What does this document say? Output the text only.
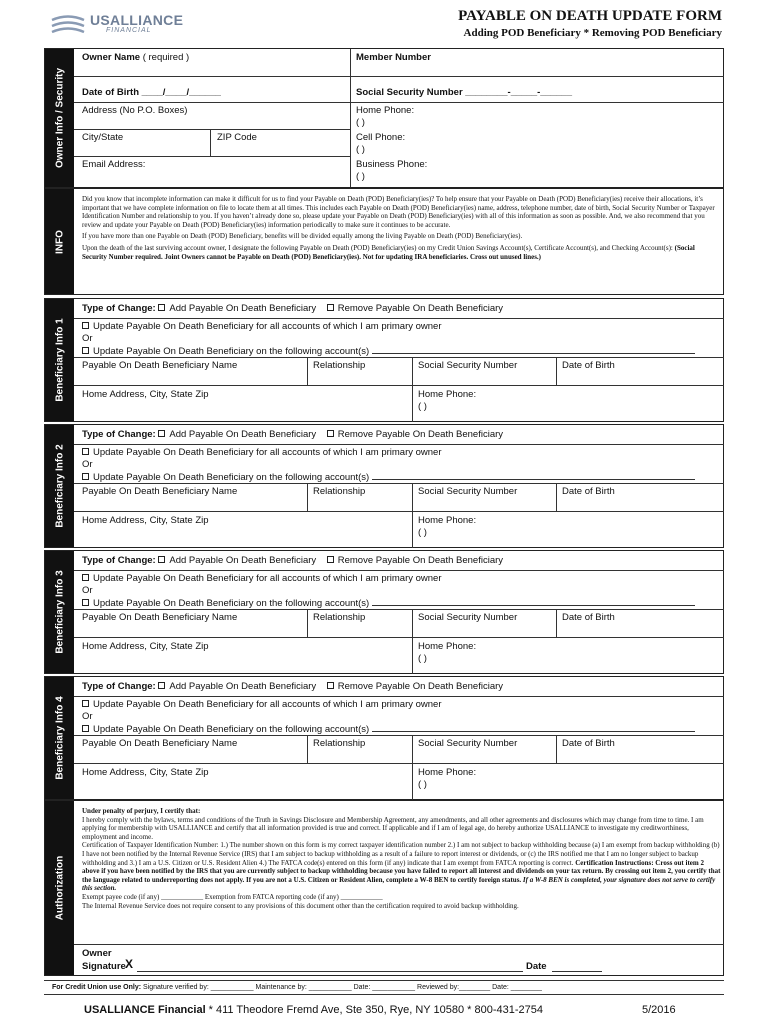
USALLIANCE
FINANCIAL
PAYABLE ON DEATH UPDATE FORM
Adding POD Beneficiary * Removing POD Beneficiary
Owner Info / Security
Owner Name ( required )	Member Number
Date of Birth ____/____/______	Social Security Number ________-_____-______
Address (No P.O. Boxes)	Home Phone:
( )
City/State	ZIP Code	Cell Phone:
( )
Email Address:	Business Phone:
( )
INFO

Did you know that incomplete information can make it difficult for us to find your Payable on Death (POD) Beneficiary(ies)? To help ensure that your Payable on Death (POD) Beneficiary(ies) receive their allocations, it’s important that we have complete information on file to locate them at all times. This includes each Payable on Death (POD) Beneficiary(ies) name, address, telephone number, date of birth, Social Security Number or Taxpayer Identification Number and relationship to you. If you haven’t already done so, please update your Payable on Death (POD) Beneficiary(ies) with all of this information as soon as possible. And, we also recommend that you review and update your Payable on Death (POD) Beneficiary(ies) information periodically to make sure it continues to be accurate.

If you have more than one Payable on Death (POD) Beneficiary, benefits will be divided equally among the living Payable on Death (POD) Beneficiary(ies).

Upon the death of the last surviving account owner, I designate the following Payable on Death (POD) Beneficiary(ies) on my Credit Union Savings Account(s), Certificate Account(s), and Checking Account(s): (Social Security Number required. Joint Owners cannot be Payable on Death (POD) Beneficiary(ies). Not for updating IRA beneficiaries. Cross out unused lines.)

Beneficiary Info 1
Type of Change: Add Payable On Death Beneficiary Remove Payable On Death Beneficiary
Update Payable On Death Beneficiary for all accounts of which I am primary owner
Or
Update Payable On Death Beneficiary on the following account(s)
Payable On Death Beneficiary Name	Relationship	Social Security Number	Date of Birth
Home Address, City, State Zip	Home Phone:
( )
Beneficiary Info 2
Type of Change: Add Payable On Death Beneficiary Remove Payable On Death Beneficiary
Update Payable On Death Beneficiary for all accounts of which I am primary owner
Or
Update Payable On Death Beneficiary on the following account(s)
Payable On Death Beneficiary Name	Relationship	Social Security Number	Date of Birth
Home Address, City, State Zip	Home Phone:
( )
Beneficiary Info 3
Type of Change: Add Payable On Death Beneficiary Remove Payable On Death Beneficiary
Update Payable On Death Beneficiary for all accounts of which I am primary owner
Or
Update Payable On Death Beneficiary on the following account(s)
Payable On Death Beneficiary Name	Relationship	Social Security Number	Date of Birth
Home Address, City, State Zip	Home Phone:
( )
Beneficiary Info 4
Type of Change: Add Payable On Death Beneficiary Remove Payable On Death Beneficiary
Update Payable On Death Beneficiary for all accounts of which I am primary owner
Or
Update Payable On Death Beneficiary on the following account(s)
Payable On Death Beneficiary Name	Relationship	Social Security Number	Date of Birth
Home Address, City, State Zip	Home Phone:
( )
Authorization

Under penalty of perjury, I certify that:

I hereby comply with the bylaws, terms and conditions of the Truth in Savings Disclosure and Membership Agreement, any amendments, and all other agreements and disclosures which may change from time to time. I am applying for membership with USALLIANCE and certify that all information provided is true and correct. If applicable and if I am of legal age, do hereby authorize USALLIANCE to investigate my creditworthiness, employment and income.

Certification of Taxpayer Identification Number: 1.) The number shown on this form is my correct taxpayer identification number 2.) I am not subject to backup withholding because (a) I am exempt from backup withholding (b) I have not been notified by the Internal Revenue Service (IRS) that I am subject to backup withholding as a result of a failure to report interest or dividends, or (c) the IRS notified me that I am no longer subject to backup withholding and 3.) I am a U.S. Citizen or U.S. Resident Alien 4.) The FATCA code(s) entered on this form (if any) indicate that I am exempt from FATCA reporting is correct. Certification Instructions: Cross out item 2 above if you have been notified by the IRS that you are currently subject to backup withholding because you have failed to report all interest and dividends on your tax return. By crossing out item 2, you certify that the language related to underreporting does not apply. If you are not a U.S. Citizen or Resident Alien, complete a W-8 BEN to certify foreign status. If a W-8 BEN is completed, your signature does not serve to certify this section.

Exempt payee code (if any) ____________ Exemption from FATCA reporting code (if any) ____________

The Internal Revenue Service does not require consent to any provisions of this document other than the certification required to avoid backup withholding.

Owner
Signature X	Date
For Credit Union use Only: Signature verified by: ___________ Maintenance by: ___________ Date: ___________ Reviewed by:________ Date: ________
USALLIANCE Financial * 411 Theodore Fremd Ave, Ste 350, Rye, NY 10580 * 800-431-2754	5/2016
